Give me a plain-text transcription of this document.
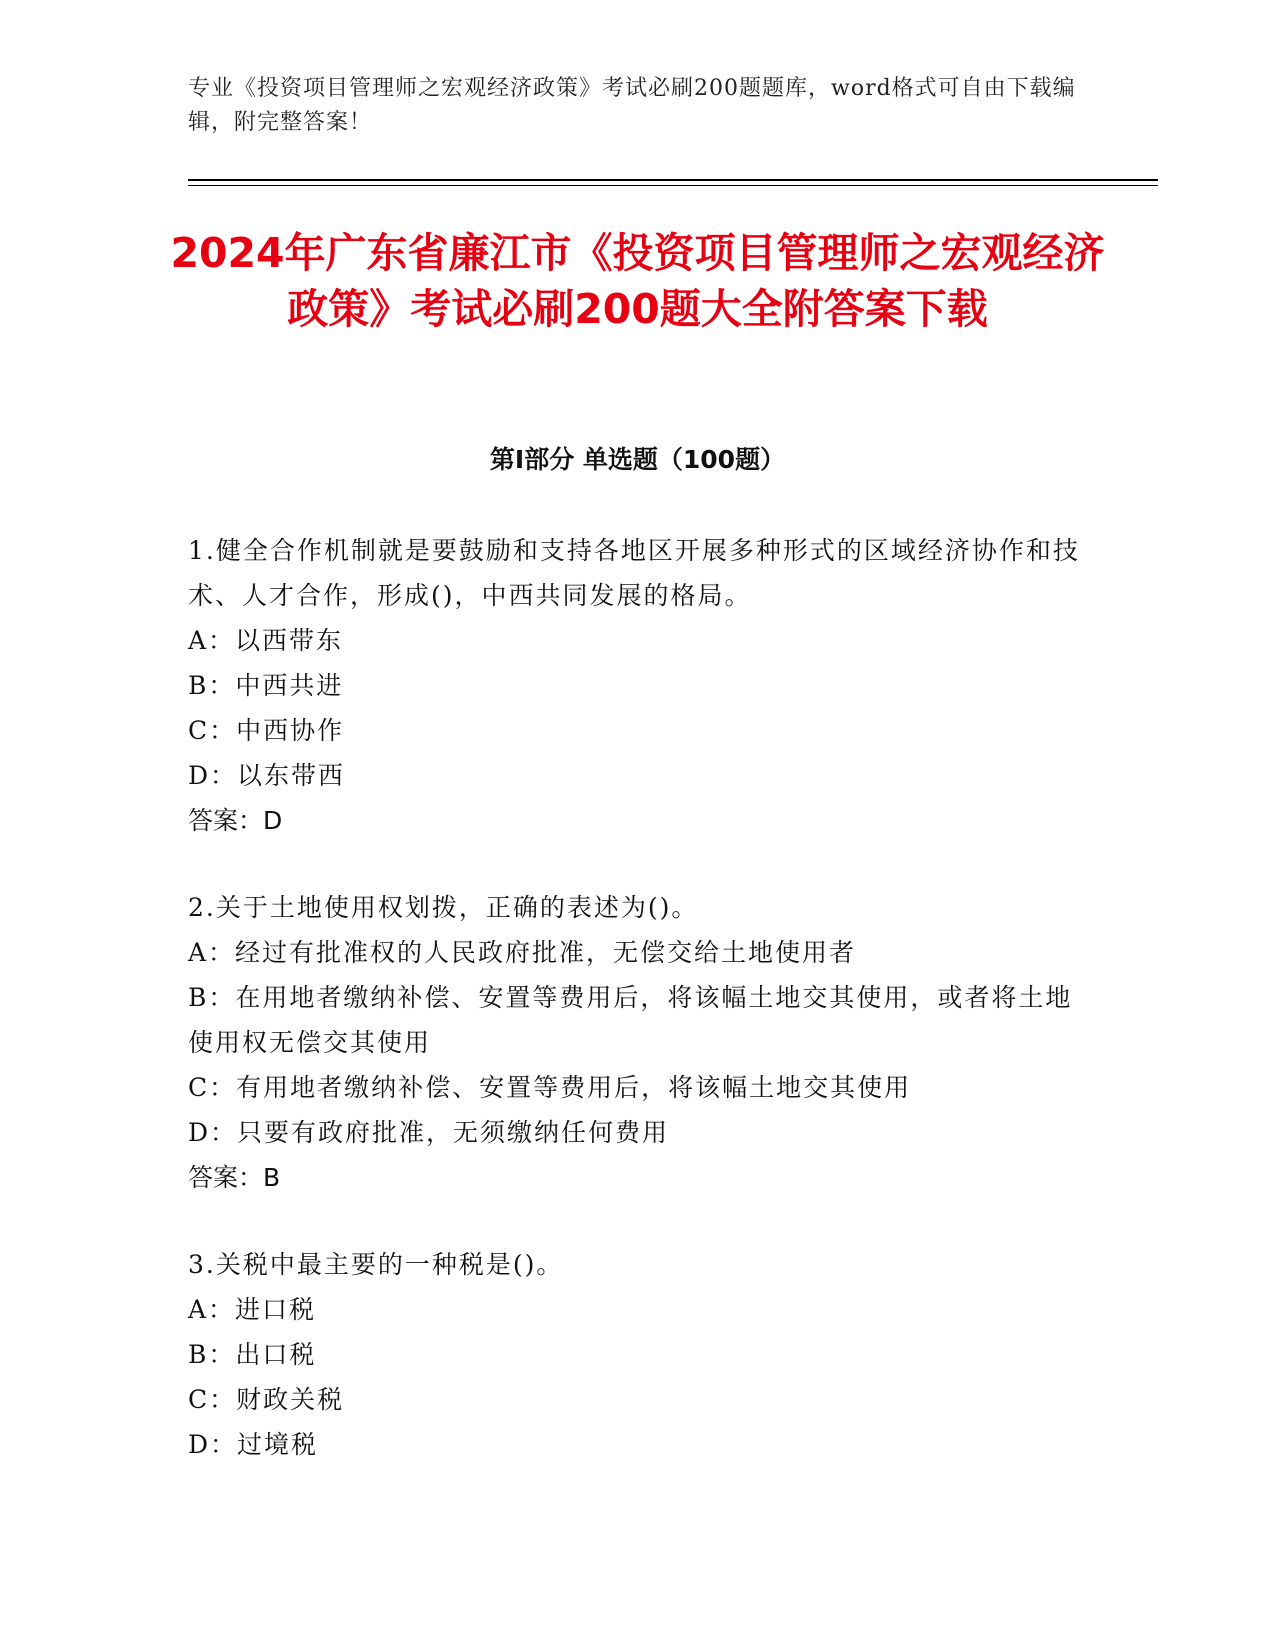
专业《投资项目管理师之宏观经济政策》考试必刷200题题库，word格式可自由下载编辑，附完整答案！
2024年广东省廉江市《投资项目管理师之宏观经济政策》考试必刷200题大全附答案下载
第I部分 单选题（100题）
1.健全合作机制就是要鼓励和支持各地区开展多种形式的区域经济协作和技术、人才合作，形成()，中西共同发展的格局。
A：以西带东
B：中西共进
C：中西协作
D：以东带西
答案：D
2.关于土地使用权划拨，正确的表述为()。
A：经过有批准权的人民政府批准，无偿交给土地使用者
B：在用地者缴纳补偿、安置等费用后，将该幅土地交其使用，或者将土地使用权无偿交其使用
C：有用地者缴纳补偿、安置等费用后，将该幅土地交其使用
D：只要有政府批准，无须缴纳任何费用
答案：B
3.关税中最主要的一种税是()。
A：进口税
B：出口税
C：财政关税
D：过境税
